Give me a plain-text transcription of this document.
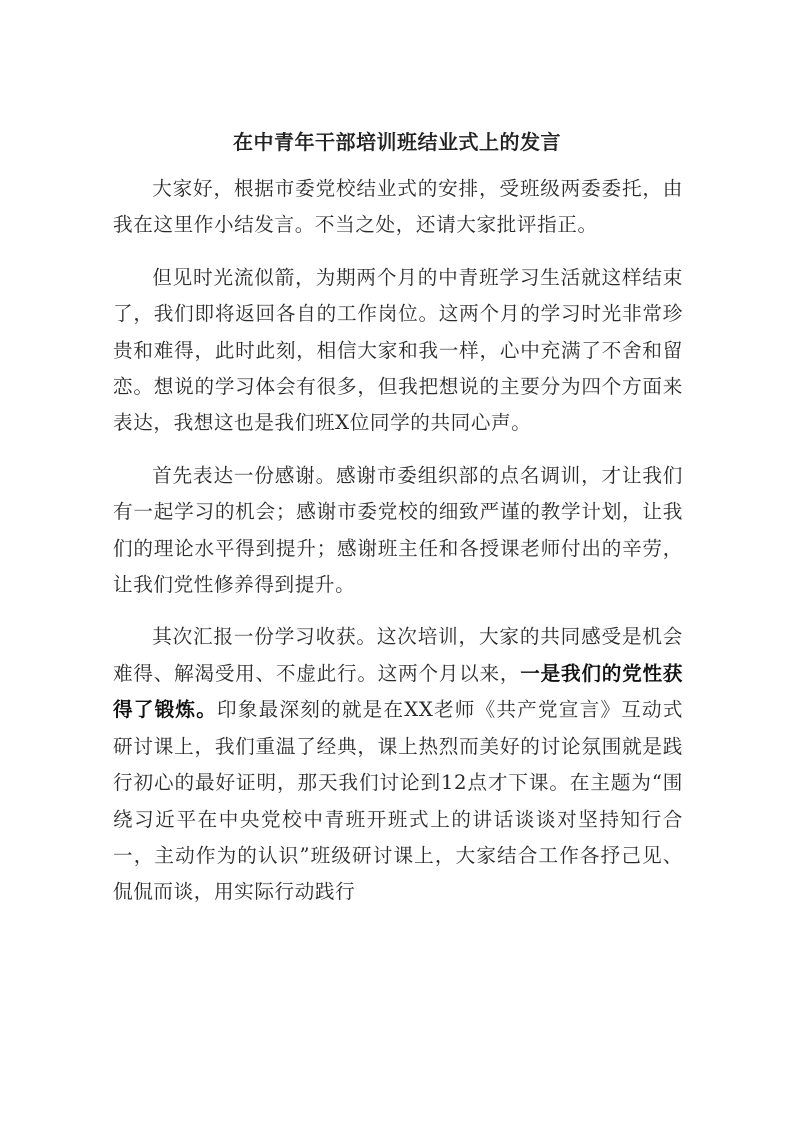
在中青年干部培训班结业式上的发言

大家好，根据市委党校结业式的安排，受班级两委委托，由我在这里作小结发言。不当之处，还请大家批评指正。

但见时光流似箭，为期两个月的中青班学习生活就这样结束了，我们即将返回各自的工作岗位。这两个月的学习时光非常珍贵和难得，此时此刻，相信大家和我一样，心中充满了不舍和留恋。想说的学习体会有很多，但我把想说的主要分为四个方面来表达，我想这也是我们班X位同学的共同心声。

首先表达一份感谢。感谢市委组织部的点名调训，才让我们有一起学习的机会；感谢市委党校的细致严谨的教学计划，让我们的理论水平得到提升；感谢班主任和各授课老师付出的辛劳，让我们党性修养得到提升。

其次汇报一份学习收获。这次培训，大家的共同感受是机会难得、解渴受用、不虚此行。这两个月以来，一是我们的党性获得了锻炼。印象最深刻的就是在XX老师《共产党宣言》互动式研讨课上，我们重温了经典，课上热烈而美好的讨论氛围就是践行初心的最好证明，那天我们讨论到12点才下课。在主题为“围绕习近平在中央党校中青班开班式上的讲话谈谈对坚持知行合一，主动作为的认识”班级研讨课上，大家结合工作各抒己见、侃侃而谈，用实际行动践行
